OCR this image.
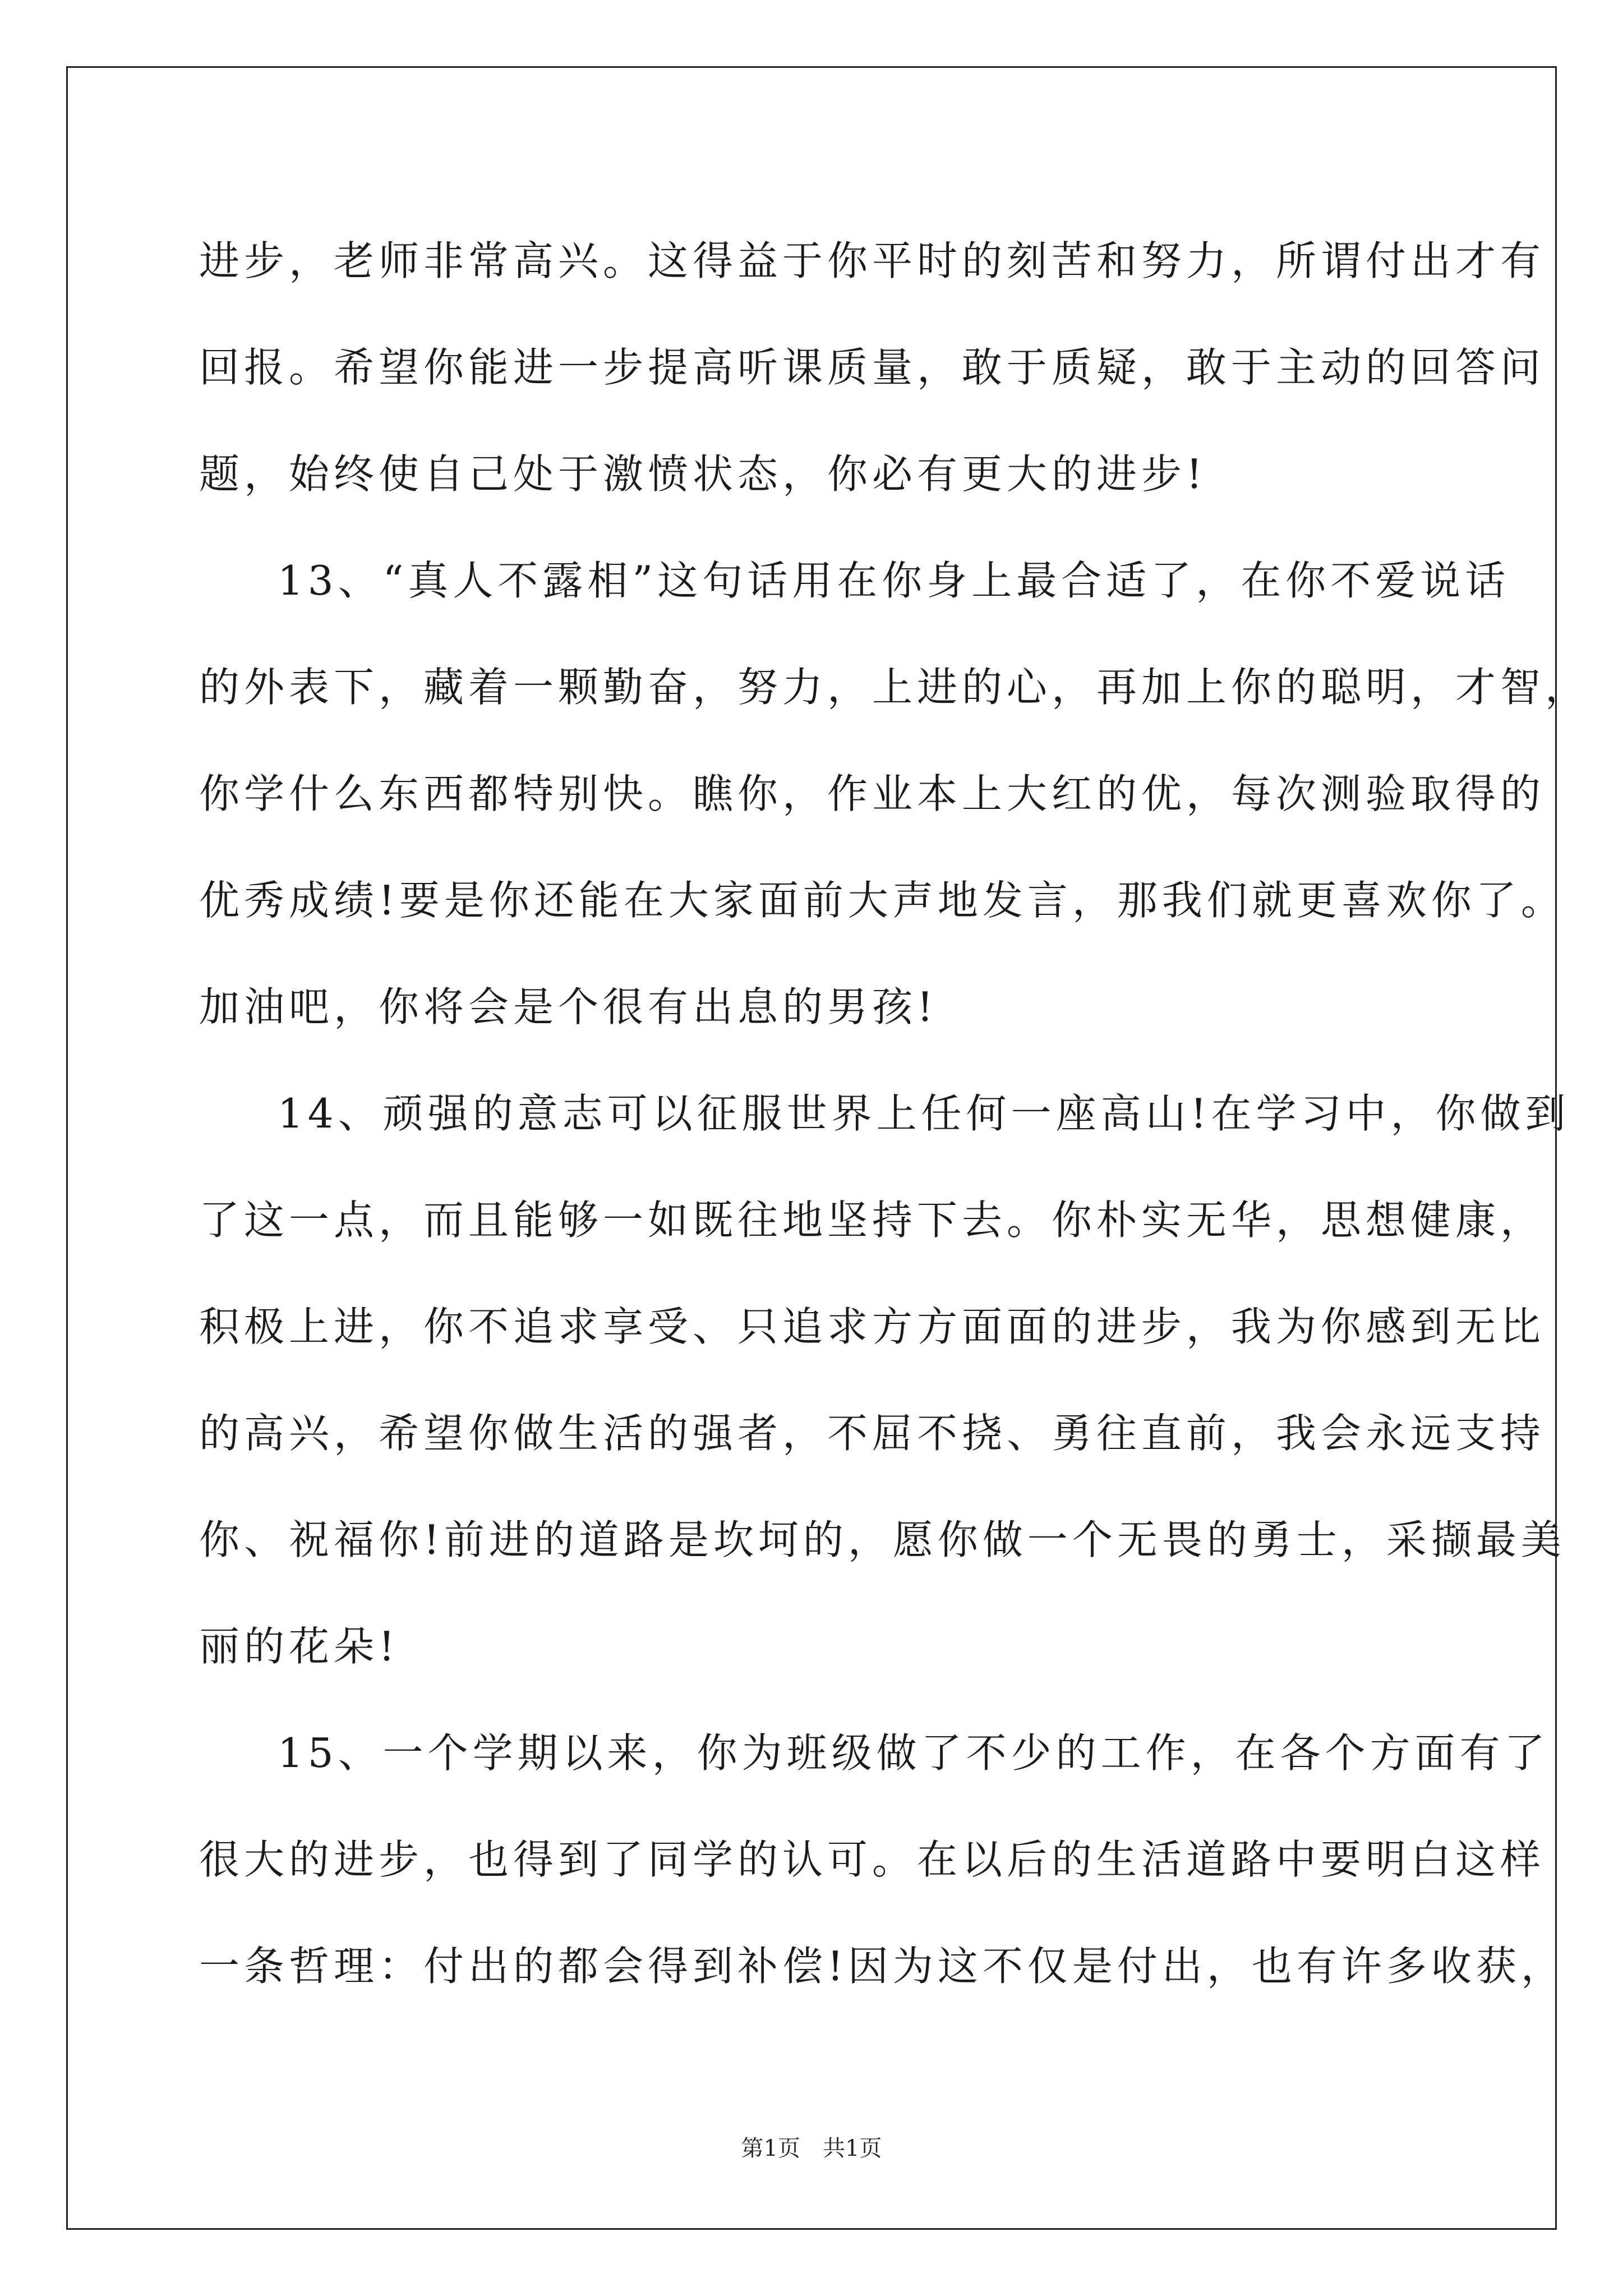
进步，老师非常高兴。这得益于你平时的刻苦和努力，所谓付出才有
回报。希望你能进一步提高听课质量，敢于质疑，敢于主动的回答问
题，始终使自己处于激愤状态，你必有更大的进步!
13、“真人不露相”这句话用在你身上最合适了，在你不爱说话
的外表下，藏着一颗勤奋，努力，上进的心，再加上你的聪明，才智，
你学什么东西都特别快。瞧你，作业本上大红的优，每次测验取得的
优秀成绩!要是你还能在大家面前大声地发言，那我们就更喜欢你了。
加油吧，你将会是个很有出息的男孩!
14、顽强的意志可以征服世界上任何一座高山!在学习中，你做到
了这一点，而且能够一如既往地坚持下去。你朴实无华，思想健康，
积极上进，你不追求享受、只追求方方面面的进步，我为你感到无比
的高兴，希望你做生活的强者，不屈不挠、勇往直前，我会永远支持
你、祝福你!前进的道路是坎坷的，愿你做一个无畏的勇士，采撷最美
丽的花朵!
15、一个学期以来，你为班级做了不少的工作，在各个方面有了
很大的进步，也得到了同学的认可。在以后的生活道路中要明白这样
一条哲理：付出的都会得到补偿!因为这不仅是付出，也有许多收获，
第1页　共1页
